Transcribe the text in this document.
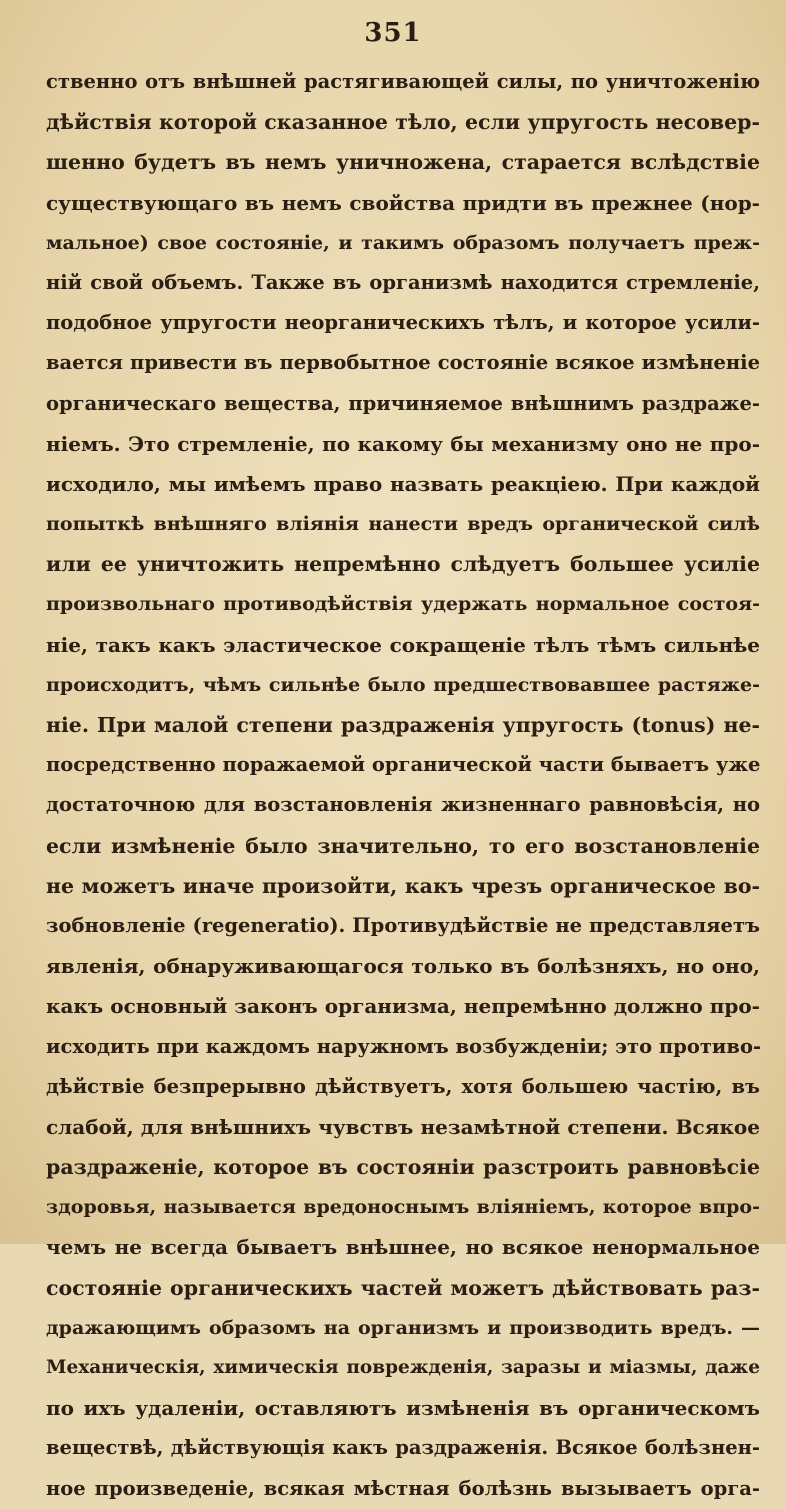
351
ственно отъ внѣшней растягивающей силы, по уничтоженію
дѣйствія которой сказанное тѣло, если упругость несовер-
шенно будетъ въ немъ уничножена, старается вслѣдствіе
существующаго въ немъ свойства придти въ прежнее (нор-
мальное) свое состояніе, и такимъ образомъ получаетъ преж-
ній свой объемъ. Также въ организмѣ находится стремленіе,
подобное упругости неорганическихъ тѣлъ, и которое усили-
вается привести въ первобытное состояніе всякое измѣненіе
органическаго вещества, причиняемое внѣшнимъ раздраже-
ніемъ. Это стремленіе, по какому бы механизму оно не про-
исходило, мы имѣемъ право назвать реакціею. При каждой
попыткѣ внѣшняго вліянія нанести вредъ органической силѣ
или ее уничтожить непремѣнно слѣдуетъ большее усиліе
произвольнаго противодѣйствія удержать нормальное состоя-
ніе, такъ какъ эластическое сокращеніе тѣлъ тѣмъ сильнѣе
происходитъ, чѣмъ сильнѣе было предшествовавшее растяже-
ніе. При малой степени раздраженія упругость (tonus) не-
посредственно поражаемой органической части бываетъ уже
достаточною для возстановленія жизненнаго равновѣсія, но
если измѣненіе было значительно, то его возстановленіе
не можетъ иначе произойти, какъ чрезъ органическое во-
зобновленіе (regeneratio). Противудѣйствіе не представляетъ
явленія, обнаруживающагося только въ болѣзняхъ, но оно,
какъ основный законъ организма, непремѣнно должно про-
исходить при каждомъ наружномъ возбужденіи; это противо-
дѣйствіе безпрерывно дѣйствуетъ, хотя большею частію, въ
слабой, для внѣшнихъ чувствъ незамѣтной степени. Всякое
раздраженіе, которое въ состояніи разстроить равновѣсіе
здоровья, называется вредоноснымъ вліяніемъ, которое впро-
чемъ не всегда бываетъ внѣшнее, но всякое ненормальное
состояніе органическихъ частей можетъ дѣйствовать раз-
дражающимъ образомъ на организмъ и производить вредъ. —
Механическія, химическія поврежденія, заразы и міазмы, даже
по ихъ удаленіи, оставляютъ измѣненія въ органическомъ
веществѣ, дѣйствующія какъ раздраженія. Всякое болѣзнен-
ное произведеніе, всякая мѣстная болѣзнь вызываетъ орга-
